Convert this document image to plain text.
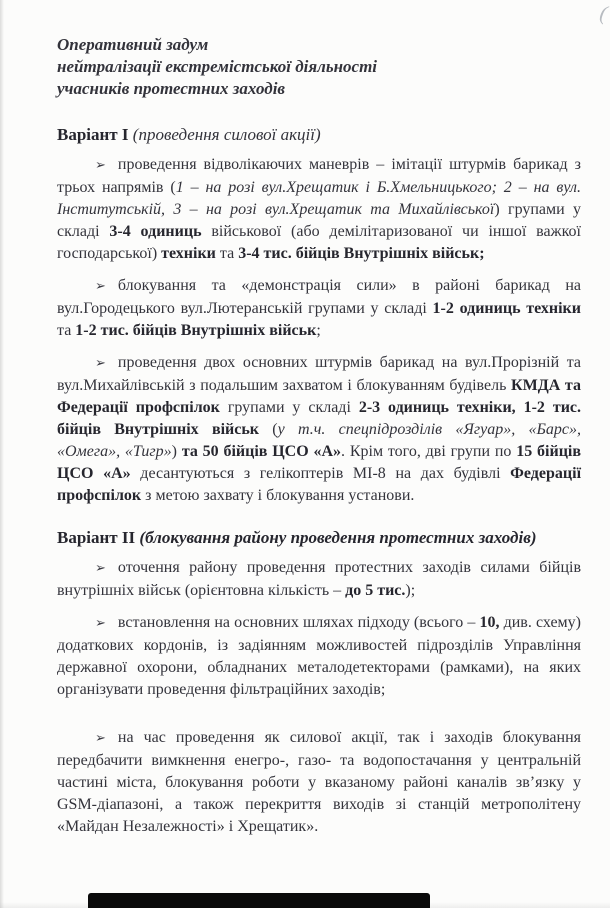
(
Оперативний задум
нейтралізації екстремістської діяльності
учасників протестних заходів
Варіант I (проведення силової акції)

➢ проведення відволікаючих маневрів – імітації штурмів барикад з трьох напрямів (1 – на розі вул.Хрещатик і Б.Хмельницького; 2 – на вул. Інститутській, 3 – на розі вул.Хрещатик та Михайлівської) групами у складі 3-4 одиниць військової (або демілітаризованої чи іншої важкої господарської) техніки та 3-4 тис. бійців Внутрішніх військ;

➢ блокування та «демонстрація сили» в районі барикад на вул.Городецького вул.Лютеранській групами у складі 1-2 одиниць техніки та 1-2 тис. бійців Внутрішніх військ;

➢ проведення двох основних штурмів барикад на вул.Прорізній та вул.Михайлівській з подальшим захватом і блокуванням будівель КМДА та Федерації профспілок групами у складі 2-3 одиниць техніки, 1-2 тис. бійців Внутрішніх військ (у т.ч. спецпідрозділів «Ягуар», «Барс», «Омега», «Тигр») та 50 бійців ЦСО «А». Крім того, дві групи по 15 бійців ЦСО «А» десантуються з гелікоптерів МІ-8 на дах будівлі Федерації профспілок з метою захвату і блокування установи.

Варіант II (блокування району проведення протестних заходів)

➢ оточення району проведення протестних заходів силами бійців внутрішніх військ (орієнтовна кількість – до 5 тис.);

➢ встановлення на основних шляхах підходу (всього – 10, див. схему) додаткових кордонів, із задіянням можливостей підрозділів Управління державної охорони, обладнаних металодетекторами (рамками), на яких організувати проведення фільтраційних заходів;

➢ на час проведення як силової акції, так і заходів блокування передбачити вимкнення енегро-, газо- та водопостачання у центральній частині міста, блокування роботи у вказаному районі каналів зв’язку у GSM-діапазоні, а також перекриття виходів зі станцій метрополітену «Майдан Незалежності» і Хрещатик».
